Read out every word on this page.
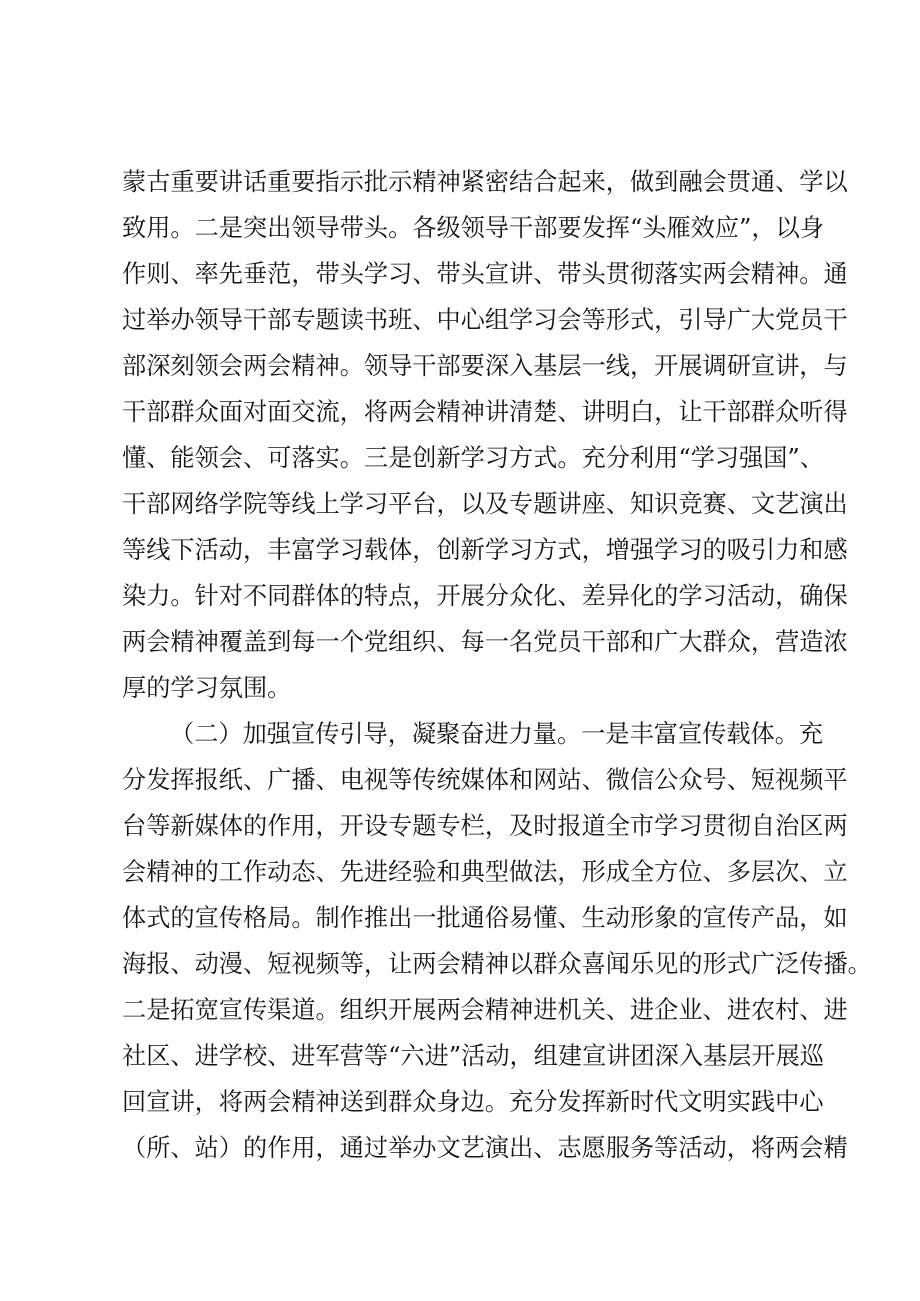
蒙古重要讲话重要指示批示精神紧密结合起来，做到融会贯通、学以
致用。二是突出领导带头。各级领导干部要发挥“头雁效应”，以身
作则、率先垂范，带头学习、带头宣讲、带头贯彻落实两会精神。通
过举办领导干部专题读书班、中心组学习会等形式，引导广大党员干
部深刻领会两会精神。领导干部要深入基层一线，开展调研宣讲，与
干部群众面对面交流，将两会精神讲清楚、讲明白，让干部群众听得
懂、能领会、可落实。三是创新学习方式。充分利用“学习强国”、
干部网络学院等线上学习平台，以及专题讲座、知识竞赛、文艺演出
等线下活动，丰富学习载体，创新学习方式，增强学习的吸引力和感
染力。针对不同群体的特点，开展分众化、差异化的学习活动，确保
两会精神覆盖到每一个党组织、每一名党员干部和广大群众，营造浓
厚的学习氛围。
（二）加强宣传引导，凝聚奋进力量。一是丰富宣传载体。充
分发挥报纸、广播、电视等传统媒体和网站、微信公众号、短视频平
台等新媒体的作用，开设专题专栏，及时报道全市学习贯彻自治区两
会精神的工作动态、先进经验和典型做法，形成全方位、多层次、立
体式的宣传格局。制作推出一批通俗易懂、生动形象的宣传产品，如
海报、动漫、短视频等，让两会精神以群众喜闻乐见的形式广泛传播。
二是拓宽宣传渠道。组织开展两会精神进机关、进企业、进农村、进
社区、进学校、进军营等“六进”活动，组建宣讲团深入基层开展巡
回宣讲，将两会精神送到群众身边。充分发挥新时代文明实践中心
（所、站）的作用，通过举办文艺演出、志愿服务等活动，将两会精
